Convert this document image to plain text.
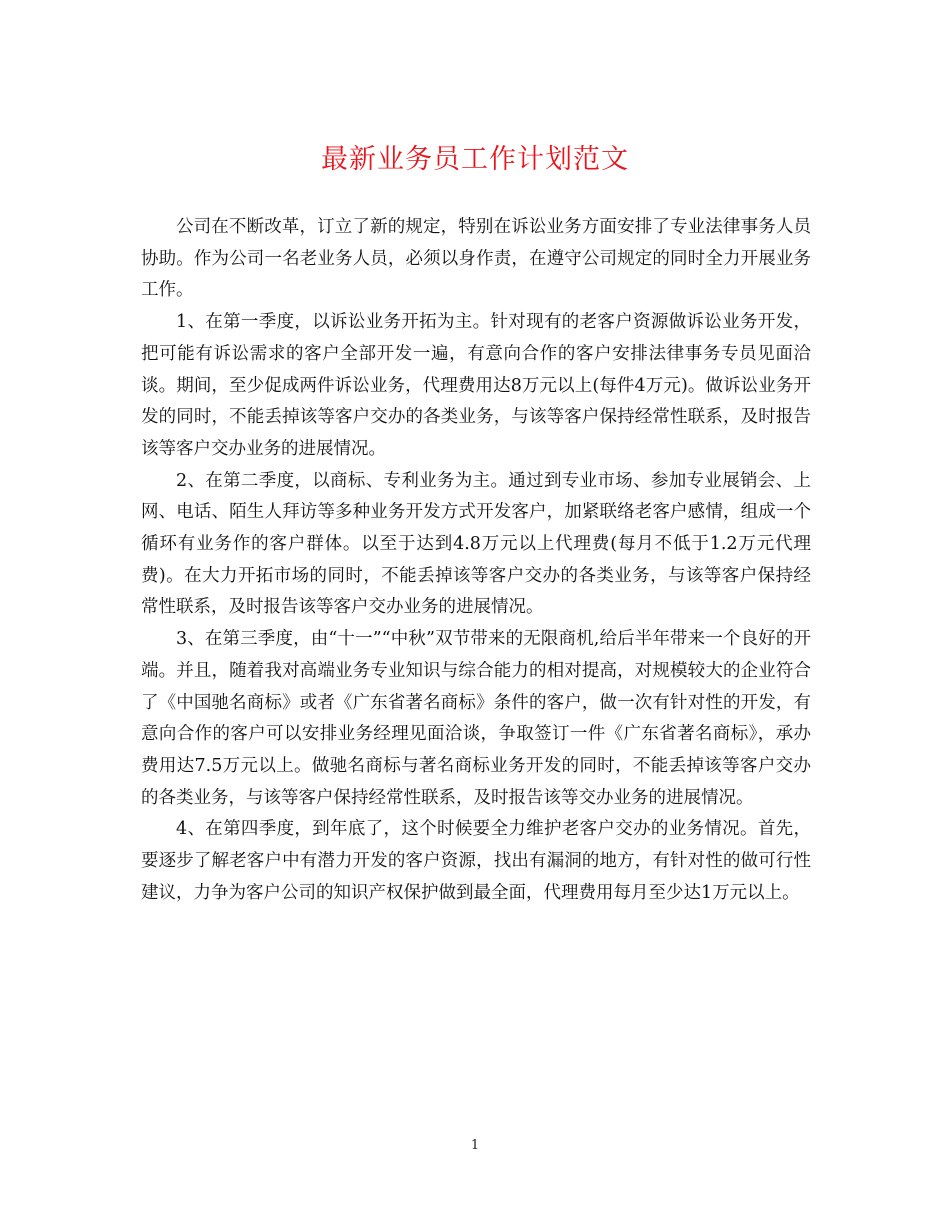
最新业务员工作计划范文

公司在不断改革，订立了新的规定，特别在诉讼业务方面安排了专业法律事务人员协助。作为公司一名老业务人员，必须以身作责，在遵守公司规定的同时全力开展业务工作。

1、在第一季度，以诉讼业务开拓为主。针对现有的老客户资源做诉讼业务开发，把可能有诉讼需求的客户全部开发一遍，有意向合作的客户安排法律事务专员见面洽谈。期间，至少促成两件诉讼业务，代理费用达8万元以上(每件4万元)。做诉讼业务开发的同时，不能丢掉该等客户交办的各类业务，与该等客户保持经常性联系，及时报告该等客户交办业务的进展情况。

2、在第二季度，以商标、专利业务为主。通过到专业市场、参加专业展销会、上网、电话、陌生人拜访等多种业务开发方式开发客户，加紧联络老客户感情，组成一个循环有业务作的客户群体。以至于达到4.8万元以上代理费(每月不低于1.2万元代理费)。在大力开拓市场的同时，不能丢掉该等客户交办的各类业务，与该等客户保持经常性联系，及时报告该等客户交办业务的进展情况。

3、在第三季度，由“十一”“中秋”双节带来的无限商机,给后半年带来一个良好的开端。并且，随着我对高端业务专业知识与综合能力的相对提高，对规模较大的企业符合了《中国驰名商标》或者《广东省著名商标》条件的客户，做一次有针对性的开发，有意向合作的客户可以安排业务经理见面洽谈，争取签订一件《广东省著名商标》，承办费用达7.5万元以上。做驰名商标与著名商标业务开发的同时，不能丢掉该等客户交办的各类业务，与该等客户保持经常性联系，及时报告该等交办业务的进展情况。

4、在第四季度，到年底了，这个时候要全力维护老客户交办的业务情况。首先，要逐步了解老客户中有潜力开发的客户资源，找出有漏洞的地方，有针对性的做可行性建议，力争为客户公司的知识产权保护做到最全面，代理费用每月至少达1万元以上。

1
